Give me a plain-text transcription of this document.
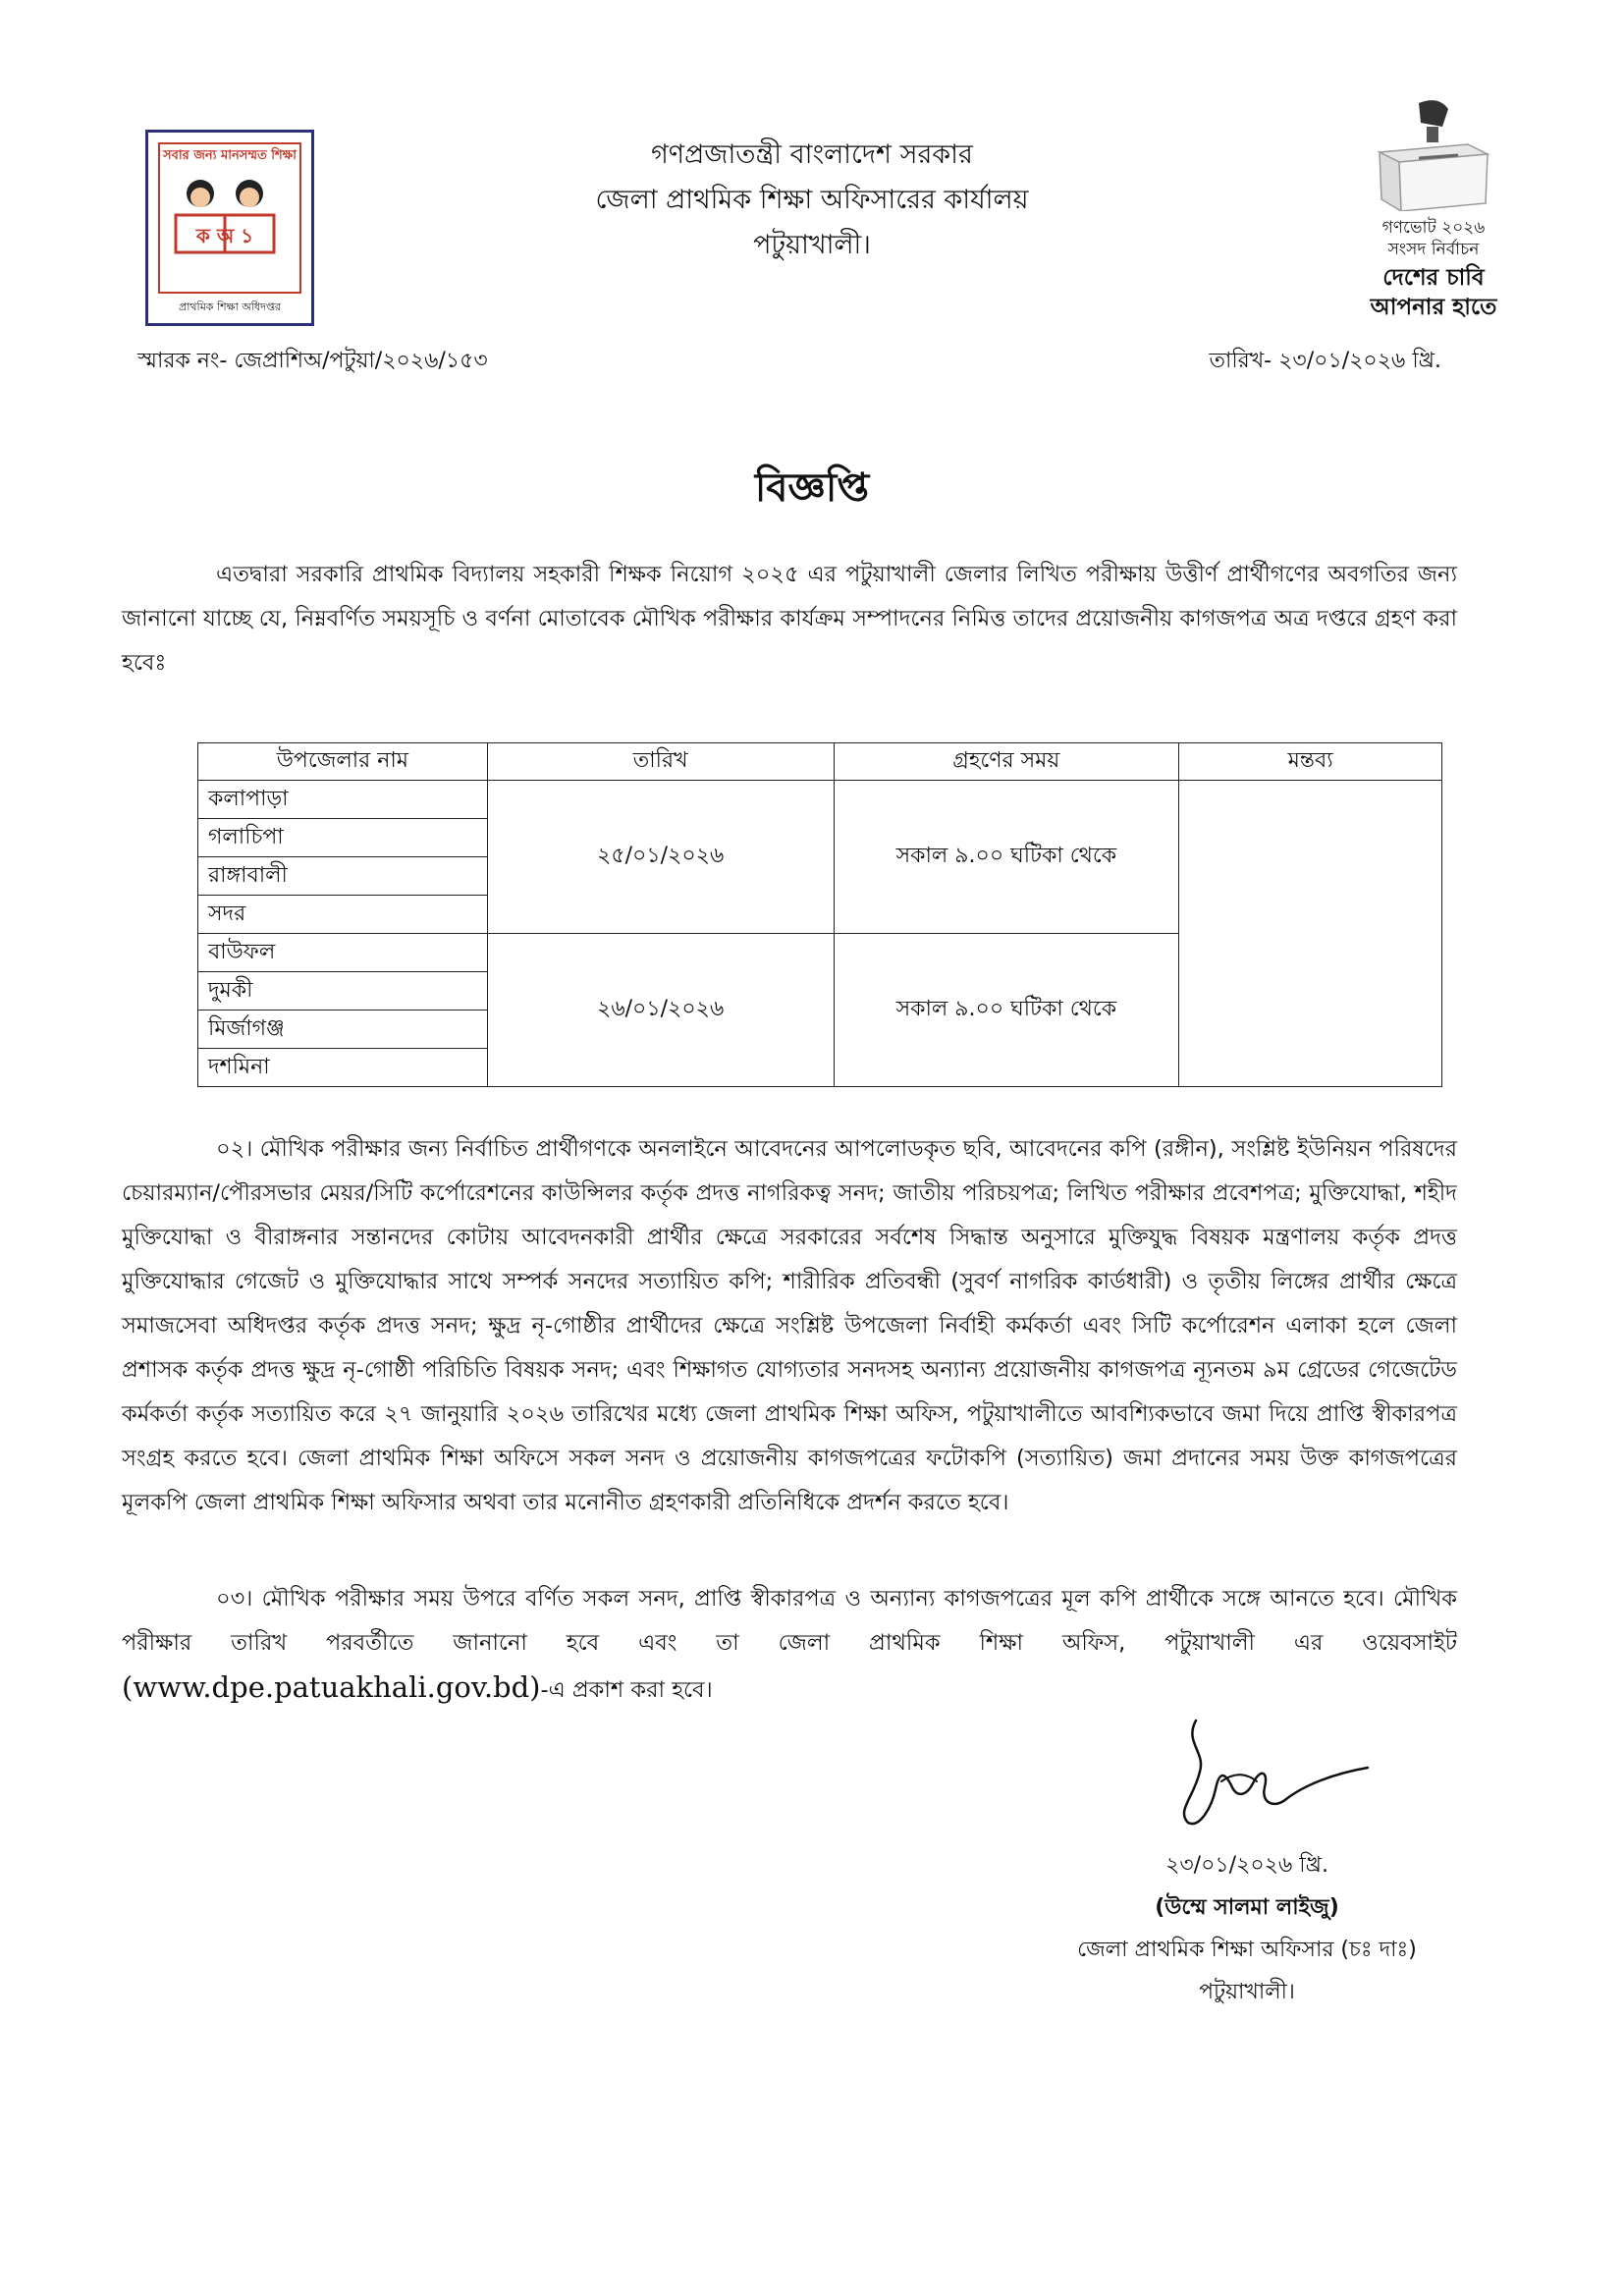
সবার জন্য মানসম্মত শিক্ষা
ক অ ১
প্রাথমিক শিক্ষা অধিদপ্তর
গণপ্রজাতন্ত্রী বাংলাদেশ সরকার
জেলা প্রাথমিক শিক্ষা অফিসারের কার্যালয়
পটুয়াখালী।
গণভোট ২০২৬
সংসদ নির্বাচন
দেশের চাবি
আপনার হাতে
স্মারক নং- জেপ্রাশিঅ/পটুয়া/২০২৬/১৫৩	তারিখ- ২৩/০১/২০২৬ খ্রি.
বিজ্ঞপ্তি
এতদ্বারা সরকারি প্রাথমিক বিদ্যালয় সহকারী শিক্ষক নিয়োগ ২০২৫ এর পটুয়াখালী জেলার লিখিত পরীক্ষায় উত্তীর্ণ প্রার্থীগণের অবগতির জন্য জানানো যাচ্ছে যে, নিম্নবর্ণিত সময়সূচি ও বর্ণনা মোতাবেক মৌখিক পরীক্ষার কার্যক্রম সম্পাদনের নিমিত্ত তাদের প্রয়োজনীয় কাগজপত্র অত্র দপ্তরে গ্রহণ করা হবেঃ
উপজেলার নাম	তারিখ	গ্রহণের সময়	মন্তব্য
কলাপাড়া	২৫/০১/২০২৬	সকাল ৯.০০ ঘটিকা থেকে	
গলাচিপা			
রাঙ্গাবালী			
সদর			
বাউফল	২৬/০১/২০২৬	সকাল ৯.০০ ঘটিকা থেকে	
দুমকী			
মির্জাগঞ্জ			
দশমিনা			
০২। মৌখিক পরীক্ষার জন্য নির্বাচিত প্রার্থীগণকে অনলাইনে আবেদনের আপলোডকৃত ছবি, আবেদনের কপি (রঙ্গীন), সংশ্লিষ্ট ইউনিয়ন পরিষদের চেয়ারম্যান/পৌরসভার মেয়র/সিটি কর্পোরেশনের কাউন্সিলর কর্তৃক প্রদত্ত নাগরিকত্ব সনদ; জাতীয় পরিচয়পত্র; লিখিত পরীক্ষার প্রবেশপত্র; মুক্তিযোদ্ধা, শহীদ মুক্তিযোদ্ধা ও বীরাঙ্গনার সন্তানদের কোটায় আবেদনকারী প্রার্থীর ক্ষেত্রে সরকারের সর্বশেষ সিদ্ধান্ত অনুসারে মুক্তিযুদ্ধ বিষয়ক মন্ত্রণালয় কর্তৃক প্রদত্ত মুক্তিযোদ্ধার গেজেট ও মুক্তিযোদ্ধার সাথে সম্পর্ক সনদের সত্যায়িত কপি; শারীরিক প্রতিবন্ধী (সুবর্ণ নাগরিক কার্ডধারী) ও তৃতীয় লিঙ্গের প্রার্থীর ক্ষেত্রে সমাজসেবা অধিদপ্তর কর্তৃক প্রদত্ত সনদ; ক্ষুদ্র নৃ-গোষ্ঠীর প্রার্থীদের ক্ষেত্রে সংশ্লিষ্ট উপজেলা নির্বাহী কর্মকর্তা এবং সিটি কর্পোরেশন এলাকা হলে জেলা প্রশাসক কর্তৃক প্রদত্ত ক্ষুদ্র নৃ-গোষ্ঠী পরিচিতি বিষয়ক সনদ; এবং শিক্ষাগত যোগ্যতার সনদসহ অন্যান্য প্রয়োজনীয় কাগজপত্র ন্যূনতম ৯ম গ্রেডের গেজেটেড কর্মকর্তা কর্তৃক সত্যায়িত করে ২৭ জানুয়ারি ২০২৬ তারিখের মধ্যে জেলা প্রাথমিক শিক্ষা অফিস, পটুয়াখালীতে আবশ্যিকভাবে জমা দিয়ে প্রাপ্তি স্বীকারপত্র সংগ্রহ করতে হবে। জেলা প্রাথমিক শিক্ষা অফিসে সকল সনদ ও প্রয়োজনীয় কাগজপত্রের ফটোকপি (সত্যায়িত) জমা প্রদানের সময় উক্ত কাগজপত্রের মূলকপি জেলা প্রাথমিক শিক্ষা অফিসার অথবা তার মনোনীত গ্রহণকারী প্রতিনিধিকে প্রদর্শন করতে হবে।
০৩। মৌখিক পরীক্ষার সময় উপরে বর্ণিত সকল সনদ, প্রাপ্তি স্বীকারপত্র ও অন্যান্য কাগজপত্রের মূল কপি প্রার্থীকে সঙ্গে আনতে হবে। মৌখিক পরীক্ষার তারিখ পরবর্তীতে জানানো হবে এবং তা জেলা প্রাথমিক শিক্ষা অফিস, পটুয়াখালী এর ওয়েবসাইট (www.dpe.patuakhali.gov.bd)-এ প্রকাশ করা হবে।
২৩/০১/২০২৬ খ্রি.
(উম্মে সালমা লাইজু)
জেলা প্রাথমিক শিক্ষা অফিসার (চঃ দাঃ)
পটুয়াখালী।
